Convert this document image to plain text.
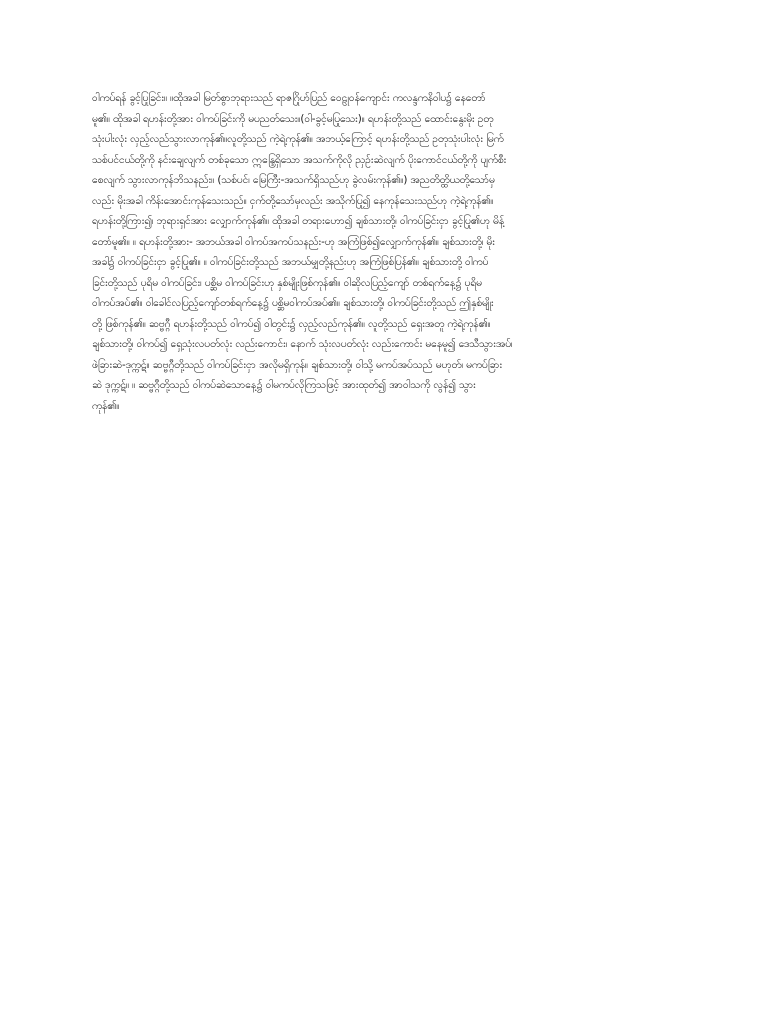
ဝါကပ်ရန် ခွင့်ပြုခြင်း။ ။ထိုအခါ မြတ်စွာဘုရားသည် ရာဇဂြိုဟ်ပြည် ဝေဠုဝန်ကျောင်း ကလန္ဒကနိဝါပ၌ နေတော်
မူ၏။ ထိုအခါ ရဟန်းတို့အား ဝါကပ်ခြင်းကို မပညတ်သေး။(ဝါ-ခွင့်မပြုသေး)။ ရဟန်းတို့သည် ထောင်းနွေးမိုး ဥတု
သုံးပါးလုံး လှည့်လည်သွားလာကုန်၏။လူတို့သည် ကဲ့ရဲ့ကုန်၏။ အဘယ့်ကြောင့် ရဟန်းတို့သည် ဥတုသုံးပါးလုံး မြက်
သစ်ပင်ငယ်တို့ကို နင်းချေလျက် တစ်ခုသော ဣန္ဒြေရှိသော အသက်ကိုလို ညှဉ်းဆဲလျက် ပိုးကောင်ငယ်တို့ကို ပျက်စီး
စေလျက် သွားလာကုန်ဘိသနည်း။ (သစ်ပင်၊ မြေကြီး-အသက်ရှိသည်ဟု ခွဲလမ်းကုန်၏။) အညတိတ္ထိယတို့သော်မှ
လည်း မိုးအခါ ကိန်းအောင်းကုန်သေးသည်။ ငှက်တို့သော်မှလည်း အသိုက်ပြု၍ နေကုန်သေးသည်ဟု ကဲ့ရဲ့ကုန်၏။
ရဟန်းတို့ကြား၍၊ ဘုရားရှင်အား လျှောက်ကုန်၏။ ထိုအခါ တရားဟော၍ ချစ်သားတို့၊ ဝါကပ်ခြင်းငှာ ခွင့်ပြု၏ဟု မိန့်
တော်မူ၏။ ။ ရဟန်းတို့အား- အဘယ်အခါ ဝါကပ်အကပ်သနည်း-ဟု အကြံဖြစ်၍လျှောက်ကုန်၏။ ချစ်သားတို့၊ မိုး
အခါ၌ ဝါကပ်ခြင်းငှာ ခွင့်ပြု၏။ ။ ဝါကပ်ခြင်းတို့သည် အဘယ်မျှတို့နည်းဟု အကြံဖြစ်ပြန်၏။ ချစ်သားတို့ ဝါကပ်
ခြင်းတို့သည် ပုရိမ ဝါကပ်ခြင်း၊ ပစ္ဆိမ ဝါကပ်ခြင်းဟု နှစ်မျိုးဖြစ်ကုန်၏။ ဝါဆိုလပြည့်ကျော် တစ်ရက်နေ့၌ ပုရိမ
ဝါကပ်အပ်၏။ ဝါခေါင်လပြည့်ကျော်တစ်ရက်နေ့၌ ပစ္ဆိမဝါကပ်အပ်၏။ ချစ်သားတို့၊ ဝါကပ်ခြင်းတို့သည် ဤနှစ်မျိုး
တို့ ဖြစ်ကုန်၏။ ဆဗ္ဗဂ္ဂီ ရဟန်းတို့သည် ဝါကပ်၍ ဝါတွင်း၌ လှည့်လည်ကုန်၏။ လူတို့သည် ရှေးအတူ ကဲ့ရဲ့ကုန်၏။
ချစ်သားတို့၊ ဝါကပ်၍ ရှေ့သုံးလပတ်လုံး လည်းကောင်း၊ နောက် သုံးလပတ်လုံး လည်းကောင်း မနေမူ၍ ဒေသီသွားအပ်၊
ဖဲခြားဆဲ-ဒုက္ကဋ်။ ဆဗ္ဗဂ္ဂီတို့သည် ဝါကပ်ခြင်းငှာ အလိုမရှိကုန်။ ချစ်သားတို့၊ ဝါသို့ မကပ်အပ်သည် မဟုတ်၊ မကပ်ခြား
ဆဲ ဒုက္ကဋ်။ ။ ဆဗ္ဗဂ္ဂီတို့သည် ဝါကပ်ဆဲသောနေ့၌ ဝါမကပ်လိုကြသဖြင့် အားထုတ်၍ အာဝါသကို လွန်၍ သွား
ကုန်၏။
